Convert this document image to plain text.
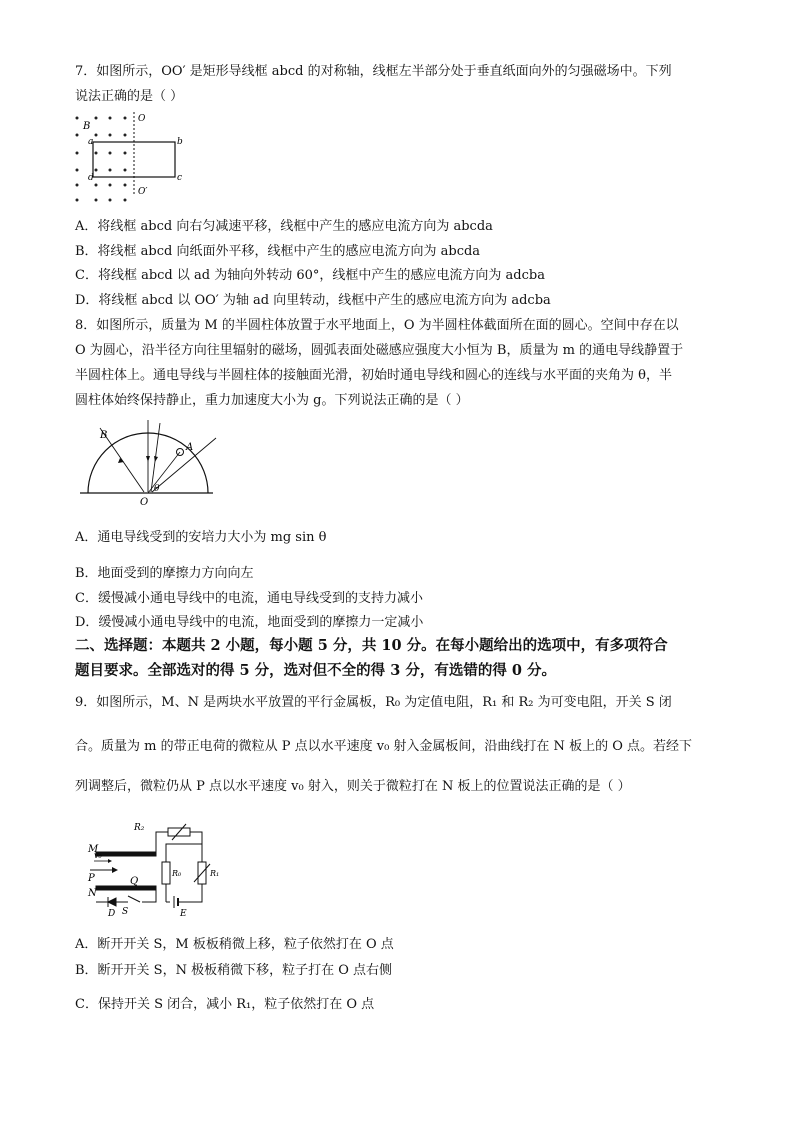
7．如图所示，OO′ 是矩形导线框 abcd 的对称轴，线框左半部分处于垂直纸面向外的匀强磁场中。下列
说法正确的是（ ）
B
O
O′
a	b
c
d
A．将线框 abcd 向右匀减速平移，线框中产生的感应电流方向为 abcda
B．将线框 abcd 向纸面外平移，线框中产生的感应电流方向为 abcda
C．将线框 abcd 以 ad 为轴向外转动 60°，线框中产生的感应电流方向为 adcba
D．将线框 abcd 以 OO′ 为轴 ad 向里转动，线框中产生的感应电流方向为 adcba
8．如图所示，质量为 M 的半圆柱体放置于水平地面上，O 为半圆柱体截面所在面的圆心。空间中存在以
O 为圆心，沿半径方向往里辐射的磁场，圆弧表面处磁感应强度大小恒为 B，质量为 m 的通电导线静置于
半圆柱体上。通电导线与半圆柱体的接触面光滑，初始时通电导线和圆心的连线与水平面的夹角为 θ，半
圆柱体始终保持静止，重力加速度大小为 g。下列说法正确的是（ ）
B
A
O
θ
A．通电导线受到的安培力大小为 mg sin θ
B．地面受到的摩擦力方向向左
C．缓慢减小通电导线中的电流，通电导线受到的支持力减小
D．缓慢减小通电导线中的电流，地面受到的摩擦力一定减小
二、选择题：本题共 2 小题，每小题 5 分，共 10 分。在每小题给出的选项中，有多项符合
题目要求。全部选对的得 5 分，选对但不全的得 3 分，有选错的得 0 分。
9．如图所示，M、N 是两块水平放置的平行金属板，R₀ 为定值电阻，R₁ 和 R₂ 为可变电阻，开关 S 闭
合。质量为 m 的带正电荷的微粒从 P 点以水平速度 v₀ 射入金属板间，沿曲线打在 N 板上的 O 点。若经下
列调整后，微粒仍从 P 点以水平速度 v₀ 射入，则关于微粒打在 N 板上的位置说法正确的是（ ）
M
N
P	Q
v₀
R₂
R₀	R₁
D S	E
A．断开开关 S，M 板板稍微上移，粒子依然打在 O 点
B．断开开关 S，N 极板稍微下移，粒子打在 O 点右侧
C．保持开关 S 闭合，减小 R₁，粒子依然打在 O 点
